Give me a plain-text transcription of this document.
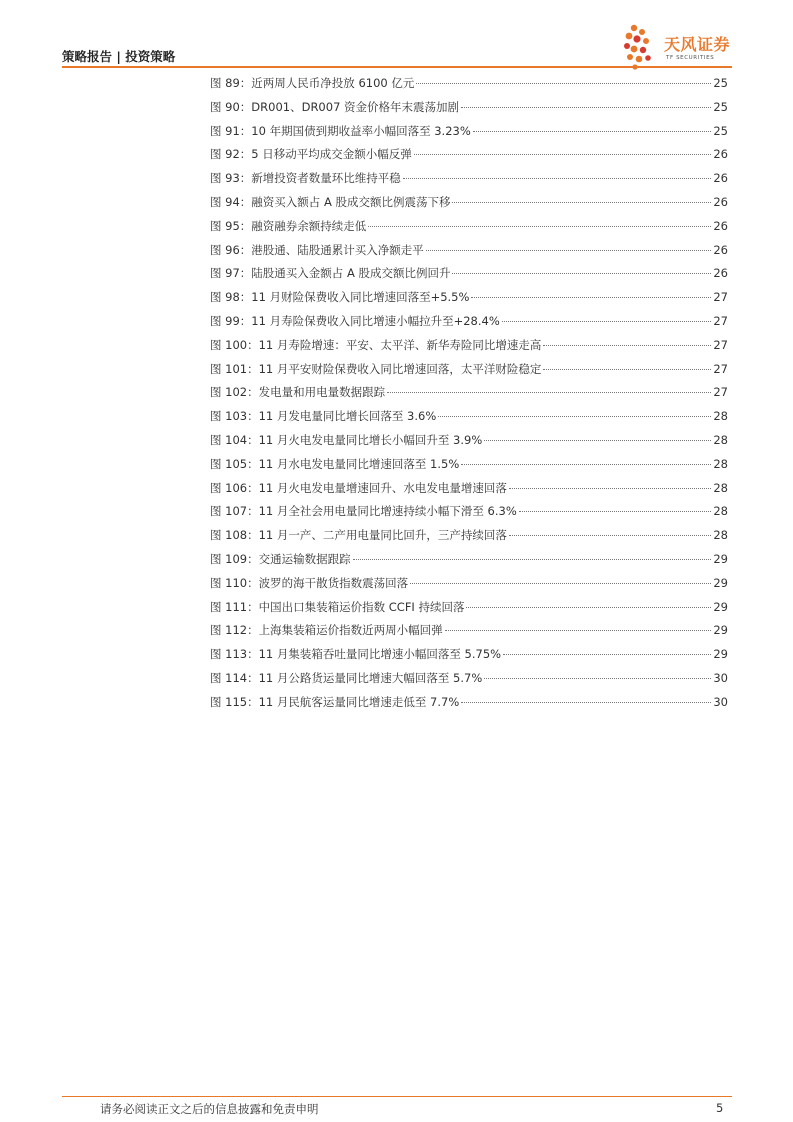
策略报告 | 投资策略
天风证券
TF SECURITIES
图 89：近两周人民币净投放 6100 亿元	25
图 90：DR001、DR007 资金价格年末震荡加剧	25
图 91：10 年期国债到期收益率小幅回落至 3.23%	25
图 92：5 日移动平均成交金额小幅反弹	26
图 93：新增投资者数量环比维持平稳	26
图 94：融资买入额占 A 股成交额比例震荡下移	26
图 95：融资融券余额持续走低	26
图 96：港股通、陆股通累计买入净额走平	26
图 97：陆股通买入金额占 A 股成交额比例回升	26
图 98：11 月财险保费收入同比增速回落至+5.5%	27
图 99：11 月寿险保费收入同比增速小幅拉升至+28.4%	27
图 100：11 月寿险增速：平安、太平洋、新华寿险同比增速走高	27
图 101：11 月平安财险保费收入同比增速回落，太平洋财险稳定	27
图 102：发电量和用电量数据跟踪	27
图 103：11 月发电量同比增长回落至 3.6%	28
图 104：11 月火电发电量同比增长小幅回升至 3.9%	28
图 105：11 月水电发电量同比增速回落至 1.5%	28
图 106：11 月火电发电量增速回升、水电发电量增速回落	28
图 107：11 月全社会用电量同比增速持续小幅下滑至 6.3%	28
图 108：11 月一产、二产用电量同比回升，三产持续回落	28
图 109：交通运输数据跟踪	29
图 110：波罗的海干散货指数震荡回落	29
图 111：中国出口集装箱运价指数 CCFI 持续回落	29
图 112：上海集装箱运价指数近两周小幅回弹	29
图 113：11 月集装箱吞吐量同比增速小幅回落至 5.75%	29
图 114：11 月公路货运量同比增速大幅回落至 5.7%	30
图 115：11 月民航客运量同比增速走低至 7.7%	30
请务必阅读正文之后的信息披露和免责申明	5
